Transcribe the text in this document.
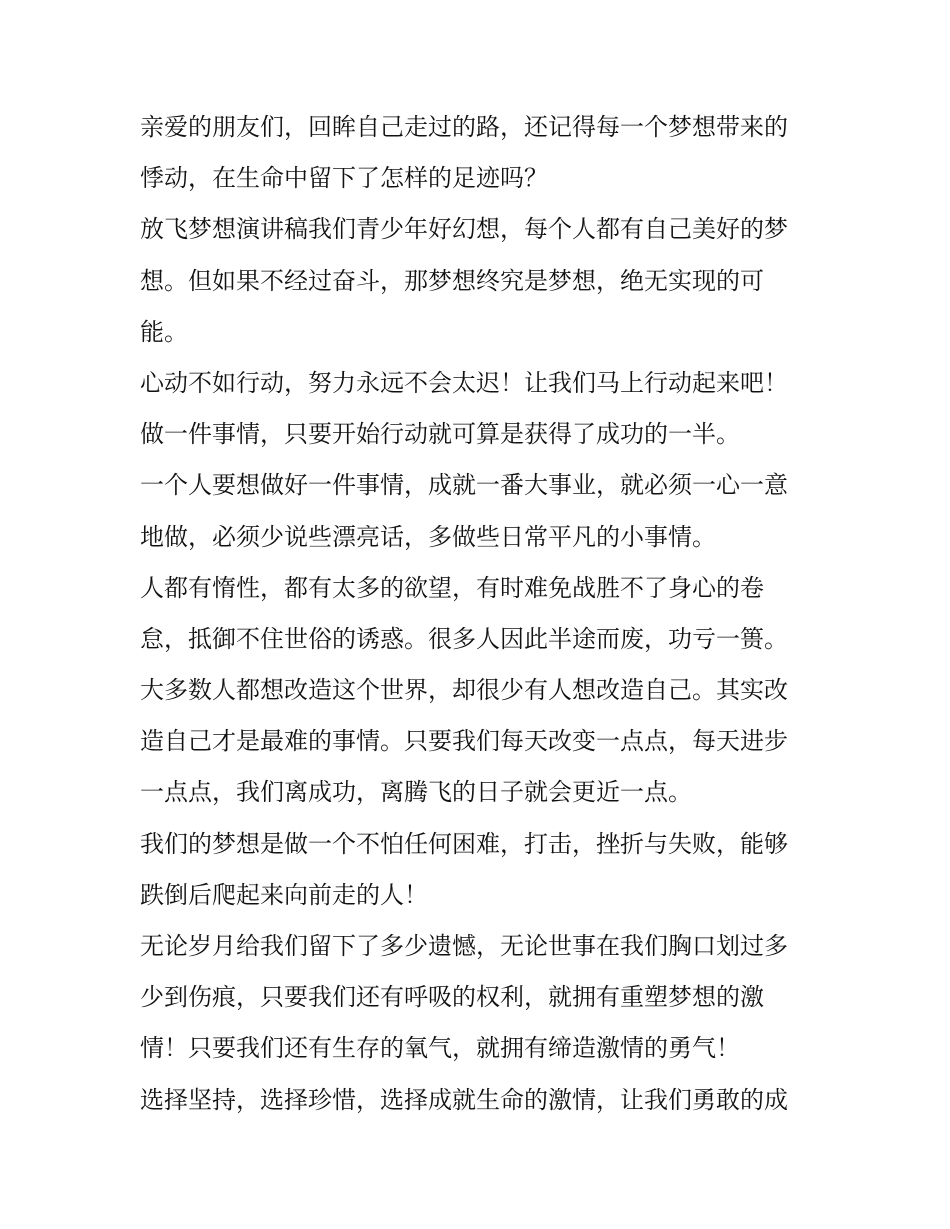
亲爱的朋友们，回眸自己走过的路，还记得每一个梦想带来的
悸动，在生命中留下了怎样的足迹吗？
放飞梦想演讲稿我们青少年好幻想，每个人都有自己美好的梦
想。但如果不经过奋斗，那梦想终究是梦想，绝无实现的可
能。
心动不如行动，努力永远不会太迟！让我们马上行动起来吧！
做一件事情，只要开始行动就可算是获得了成功的一半。
一个人要想做好一件事情，成就一番大事业，就必须一心一意
地做，必须少说些漂亮话，多做些日常平凡的小事情。
人都有惰性，都有太多的欲望，有时难免战胜不了身心的卷
怠，抵御不住世俗的诱惑。很多人因此半途而废，功亏一篑。
大多数人都想改造这个世界，却很少有人想改造自己。其实改
造自己才是最难的事情。只要我们每天改变一点点，每天进步
一点点，我们离成功，离腾飞的日子就会更近一点。
我们的梦想是做一个不怕任何困难，打击，挫折与失败，能够
跌倒后爬起来向前走的人！
无论岁月给我们留下了多少遗憾，无论世事在我们胸口划过多
少到伤痕，只要我们还有呼吸的权利，就拥有重塑梦想的激
情！只要我们还有生存的氧气，就拥有缔造激情的勇气！
选择坚持，选择珍惜，选择成就生命的激情，让我们勇敢的成
